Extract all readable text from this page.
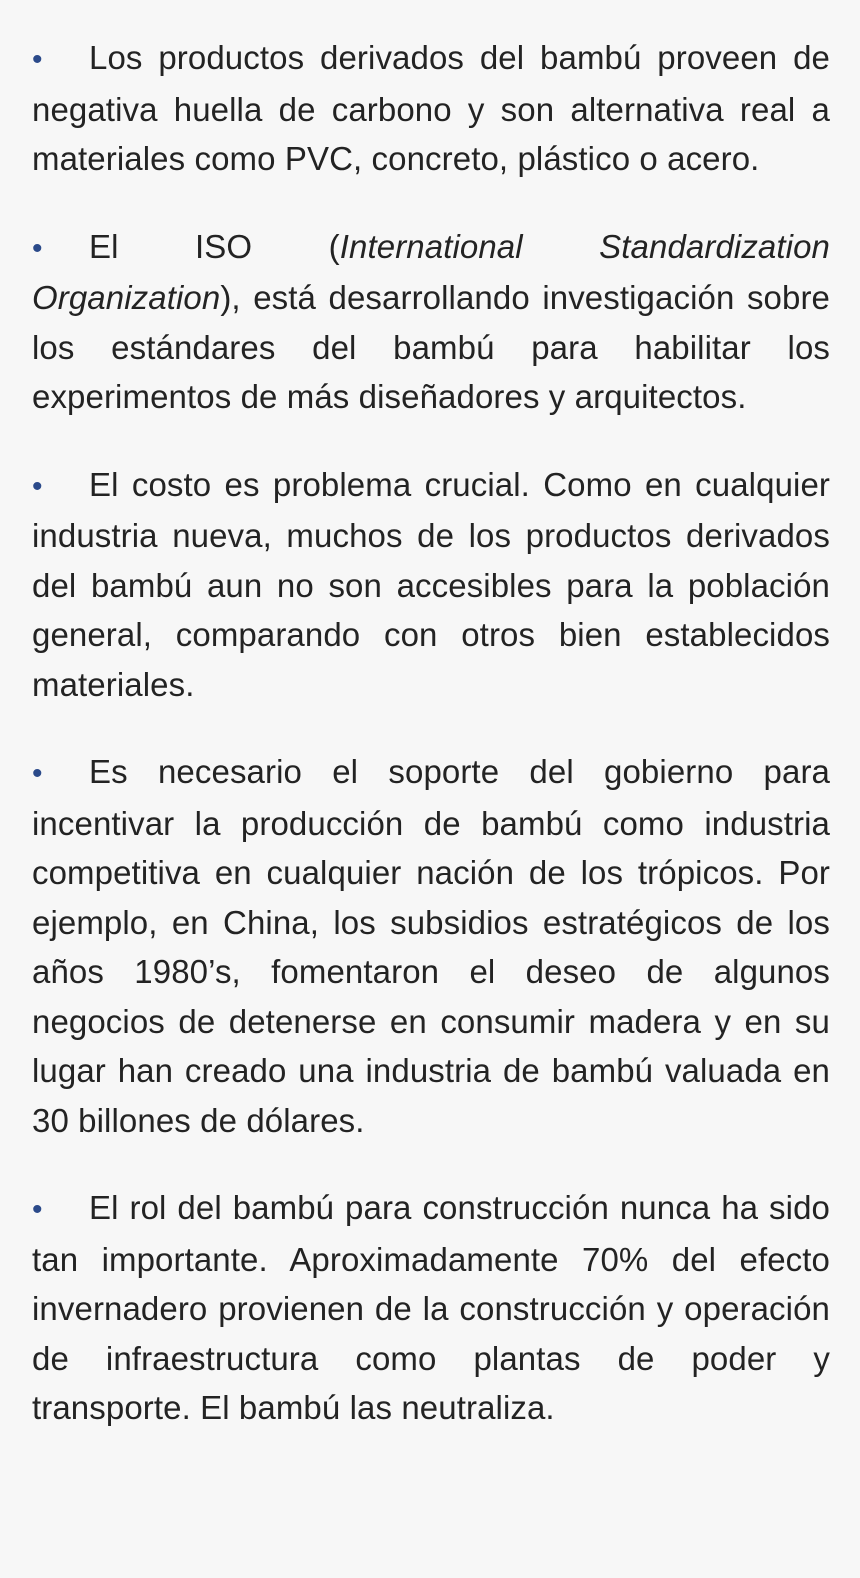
• Los productos derivados del bambú proveen de negativa huella de carbono y son alternativa real a materiales como PVC, concreto, plástico o acero.
• El ISO (International Standardization Organization), está desarrollando investigación sobre los estándares del bambú para habilitar los experimentos de más diseñadores y arquitectos.
• El costo es problema crucial. Como en cualquier industria nueva, muchos de los productos derivados del bambú aun no son accesibles para la población general, comparando con otros bien establecidos materiales.
• Es necesario el soporte del gobierno para incentivar la producción de bambú como industria competitiva en cualquier nación de los trópicos. Por ejemplo, en China, los subsidios estratégicos de los años 1980’s, fomentaron el deseo de algunos negocios de detenerse en consumir madera y en su lugar han creado una industria de bambú valuada en 30 billones de dólares.
• El rol del bambú para construcción nunca ha sido tan importante. Aproximadamente 70% del efecto invernadero provienen de la construcción y operación de infraestructura como plantas de poder y transporte. El bambú las neutraliza.
